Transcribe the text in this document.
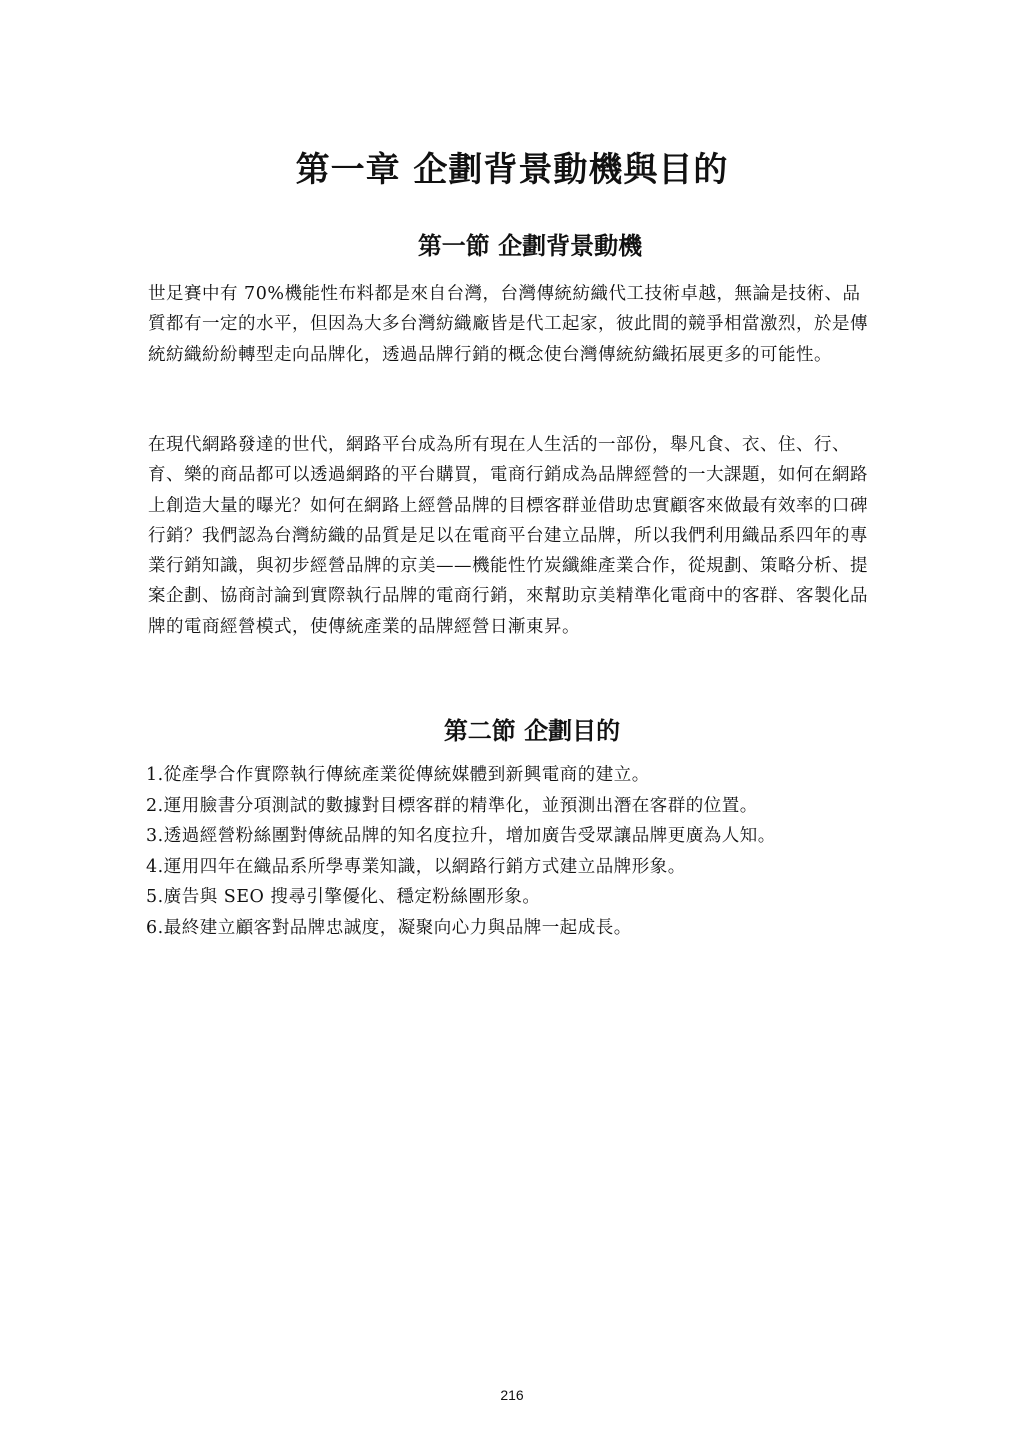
第一章 企劃背景動機與目的
第一節 企劃背景動機

世足賽中有 70%機能性布料都是來自台灣，台灣傳統紡織代工技術卓越，無論是技術、品質都有一定的水平，但因為大多台灣紡織廠皆是代工起家，彼此間的競爭相當激烈，於是傳統紡織紛紛轉型走向品牌化，透過品牌行銷的概念使台灣傳統紡織拓展更多的可能性。

在現代網路發達的世代，網路平台成為所有現在人生活的一部份，舉凡食、衣、住、行、育、樂的商品都可以透過網路的平台購買，電商行銷成為品牌經營的一大課題，如何在網路上創造大量的曝光？如何在網路上經營品牌的目標客群並借助忠實顧客來做最有效率的口碑行銷？我們認為台灣紡織的品質是足以在電商平台建立品牌，所以我們利用織品系四年的專業行銷知識，與初步經營品牌的京美——機能性竹炭纖維產業合作，從規劃、策略分析、提案企劃、協商討論到實際執行品牌的電商行銷，來幫助京美精準化電商中的客群、客製化品牌的電商經營模式，使傳統產業的品牌經營日漸東昇。

第二節 企劃目的
1.從產學合作實際執行傳統產業從傳統媒體到新興電商的建立。
2.運用臉書分項測試的數據對目標客群的精準化，並預測出潛在客群的位置。
3.透過經營粉絲團對傳統品牌的知名度拉升，增加廣告受眾讓品牌更廣為人知。
4.運用四年在織品系所學專業知識，以網路行銷方式建立品牌形象。
5.廣告與 SEO 搜尋引擎優化、穩定粉絲團形象。
6.最終建立顧客對品牌忠誠度，凝聚向心力與品牌一起成長。
216
